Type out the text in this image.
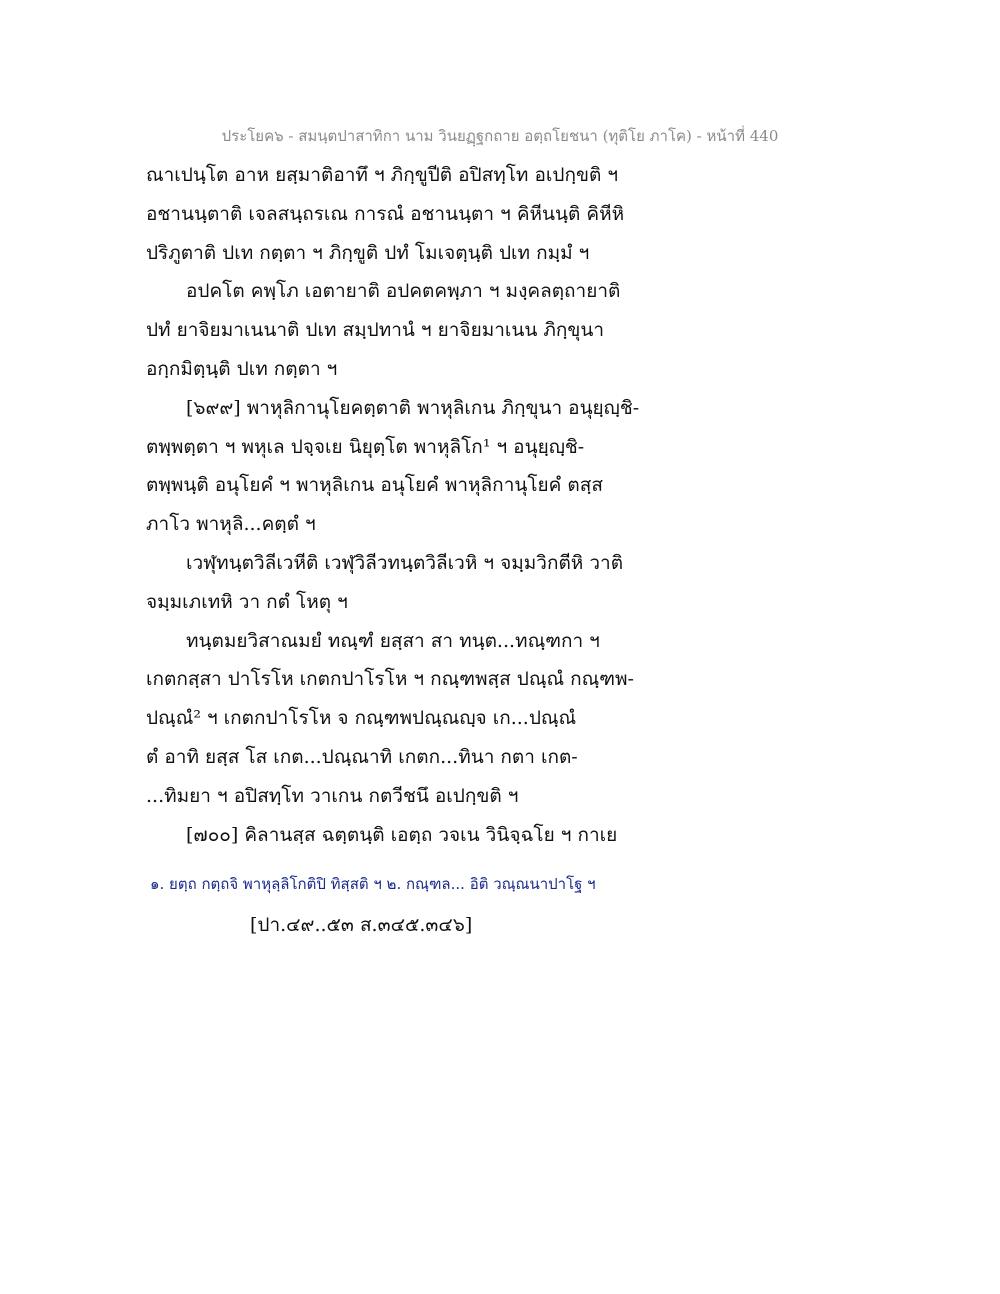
ประโยค๖ - สมนฺตปาสาทิกา นาม วินยฏฺฐกถาย อตฺถโยชนา (ทุติโย ภาโค) - หน้าที่ 440
ณาเปนฺโต อาห ยสฺมาติอาทึ ฯ ภิกฺขูปีติ อปิสทฺโท อเปกฺขติ ฯ
อชานนฺตาติ เจลสนฺถรเณ การณํ อชานนฺตา ฯ คิหีนนฺติ คิหีหิ
ปริภูตาติ ปเท กตฺตา ฯ ภิกฺขูติ ปทํ โมเจตฺนฺติ ปเท กมฺมํ ฯ
อปคโต คพฺโภ เอตายาติ อปคตคพฺภา ฯ มงฺคลตฺถายาติ
ปทํ ยาจิยมาเนนาติ ปเท สมฺปทานํ ฯ ยาจิยมาเนน ภิกฺขุนา
อกฺกมิตฺนฺติ ปเท กตฺตา ฯ
[๖๙๙] พาหุลิกานุโยคตฺตาติ พาหุลิเกน ภิกฺขุนา อนุยฺญฺชิ-
ตพฺพตฺตา ฯ พหุเล ปจฺจเย นิยุตฺโต พาหุลิโก¹ ฯ อนุยฺญฺชิ-
ตพฺพนฺติ อนุโยคํ ฯ พาหุลิเกน อนุโยคํ พาหุลิกานุโยคํ ตสฺส
ภาโว พาหุลิ...คตฺตํ ฯ
เวฬุทนฺตวิลีเวหีติ เวฬุวิลีวทนฺตวิลีเวหิ ฯ จมฺมวิกตีหิ วาติ
จมฺมเภเทหิ วา กตํ โหตุ ฯ
ทนฺตมยวิสาณมยํ ทณฺฑํ ยสฺสา สา ทนฺต...ทณฺฑกา ฯ
เกตกสฺสา ปาโรโห เกตกปาโรโห ฯ กณฺฑพสฺส ปณฺณํ กณฺฑพ-
ปณฺณํ² ฯ เกตกปาโรโห จ กณฺฑพปณฺณญฺจ เก...ปณฺณํ
ตํ อาทิ ยสฺส โส เกต...ปณฺณาทิ เกตก...ทินา กตา เกต-
...ทิมยา ฯ อปิสทฺโท วาเกน กตวีชนึ อเปกฺขติ ฯ
[๗๐๐] คิลานสฺส ฉตฺตนฺติ เอตฺถ วจเน วินิจฺฉโย ฯ กาเย
๑. ยตฺถ กตฺถจิ พาหุลฺลิโกติปิ ทิสฺสติ ฯ ๒. กณฺฑล... อิติ วณฺณนาปาโฐ ฯ
[ปา.๔๙..๕๓ ส.๓๔๕.๓๔๖]
